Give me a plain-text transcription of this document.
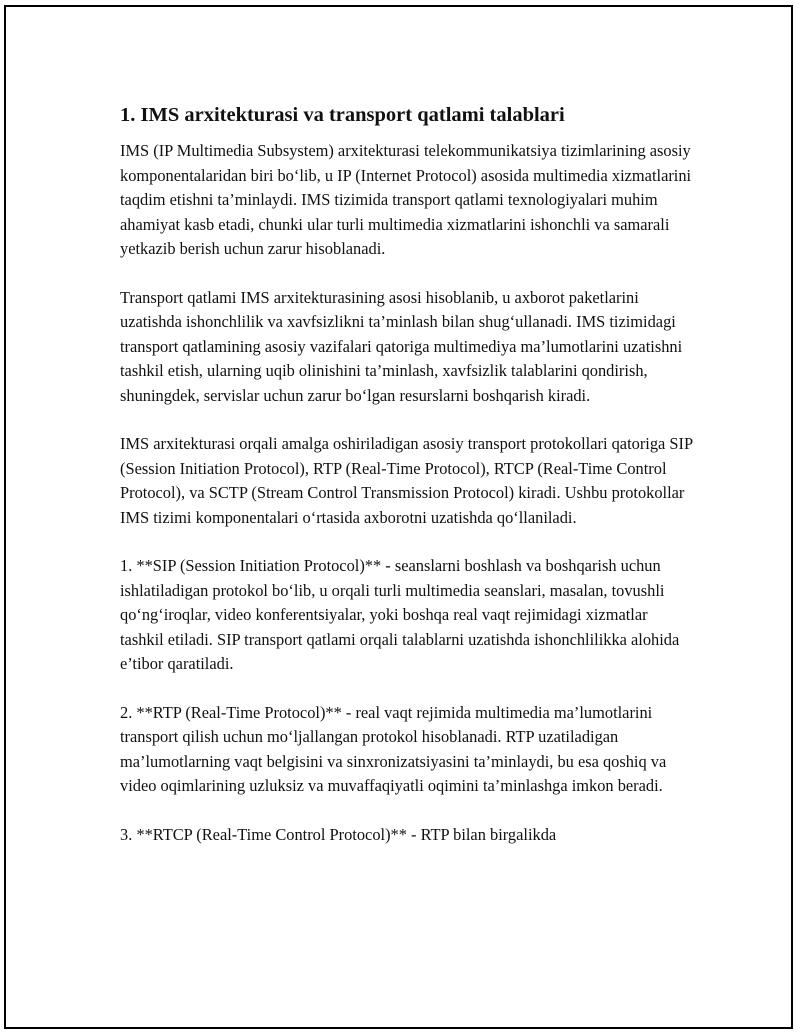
1. IMS arxitekturasi va transport qatlami talablari

IMS (IP Multimedia Subsystem) arxitekturasi telekommunikatsiya tizimlarining asosiy komponentalaridan biri bo‘lib, u IP (Internet Protocol) asosida multimedia xizmatlarini taqdim etishni ta’minlaydi. IMS tizimida transport qatlami texnologiyalari muhim ahamiyat kasb etadi, chunki ular turli multimedia xizmatlarini ishonchli va samarali yetkazib berish uchun zarur hisoblanadi.

Transport qatlami IMS arxitekturasining asosi hisoblanib, u axborot paketlarini uzatishda ishonchlilik va xavfsizlikni ta’minlash bilan shug‘ullanadi. IMS tizimidagi transport qatlamining asosiy vazifalari qatoriga multimediya ma’lumotlarini uzatishni tashkil etish, ularning uqib olinishini ta’minlash, xavfsizlik talablarini qondirish, shuningdek, servislar uchun zarur bo‘lgan resurslarni boshqarish kiradi.

IMS arxitekturasi orqali amalga oshiriladigan asosiy transport protokollari qatoriga SIP (Session Initiation Protocol), RTP (Real-Time Protocol), RTCP (Real-Time Control Protocol), va SCTP (Stream Control Transmission Protocol) kiradi. Ushbu protokollar IMS tizimi komponentalari o‘rtasida axborotni uzatishda qo‘llaniladi.

1. **SIP (Session Initiation Protocol)** - seanslarni boshlash va boshqarish uchun ishlatiladigan protokol bo‘lib, u orqali turli multimedia seanslari, masalan, tovushli qo‘ng‘iroqlar, video konferentsiyalar, yoki boshqa real vaqt rejimidagi xizmatlar tashkil etiladi. SIP transport qatlami orqali talablarni uzatishda ishonchlilikka alohida e’tibor qaratiladi.

2. **RTP (Real-Time Protocol)** - real vaqt rejimida multimedia ma’lumotlarini transport qilish uchun mo‘ljallangan protokol hisoblanadi. RTP uzatiladigan ma’lumotlarning vaqt belgisini va sinxronizatsiyasini ta’minlaydi, bu esa qoshiq va video oqimlarining uzluksiz va muvaffaqiyatli oqimini ta’minlashga imkon beradi.

3. **RTCP (Real-Time Control Protocol)** - RTP bilan birgalikda
